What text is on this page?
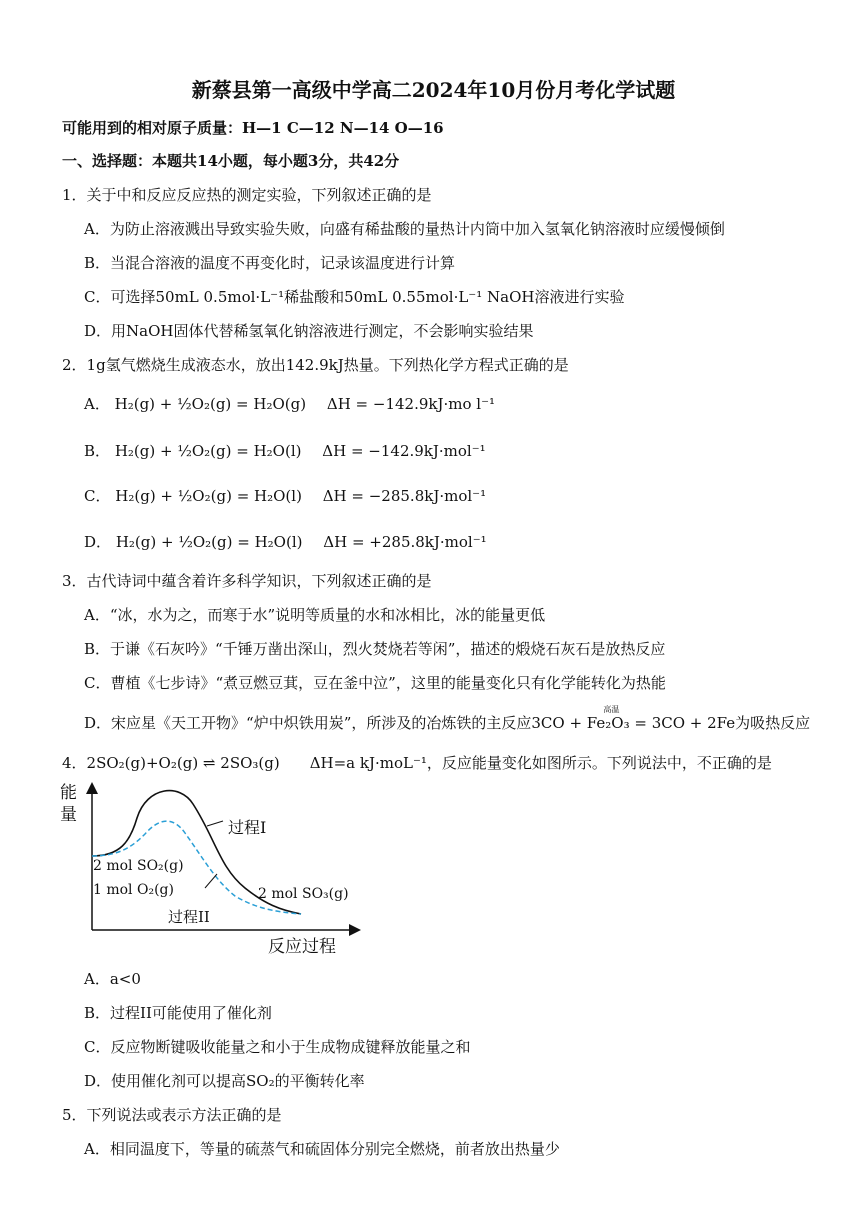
新蔡县第一高级中学高二2024年10月份月考化学试题
可能用到的相对原子质量：H—1 C—12 N—14 O—16
一、选择题：本题共14小题，每小题3分，共42分
1．关于中和反应反应热的测定实验，下列叙述正确的是
A．为防止溶液溅出导致实验失败，向盛有稀盐酸的量热计内筒中加入氢氧化钠溶液时应缓慢倾倒
B．当混合溶液的温度不再变化时，记录该温度进行计算
C．可选择50mL 0.5mol·L⁻¹稀盐酸和50mL 0.55mol·L⁻¹ NaOH溶液进行实验
D．用NaOH固体代替稀氢氧化钠溶液进行测定，不会影响实验结果
2．1g氢气燃烧生成液态水，放出142.9kJ热量。下列热化学方程式正确的是
A． H₂(g) + ½O₂(g) = H₂O(g) ΔH = −142.9kJ·mo l⁻¹
B． H₂(g) + ½O₂(g) = H₂O(l) ΔH = −142.9kJ·mol⁻¹
C． H₂(g) + ½O₂(g) = H₂O(l) ΔH = −285.8kJ·mol⁻¹
D． H₂(g) + ½O₂(g) = H₂O(l) ΔH = +285.8kJ·mol⁻¹
3．古代诗词中蕴含着许多科学知识，下列叙述正确的是
A．“冰，水为之，而寒于水”说明等质量的水和冰相比，冰的能量更低
B．于谦《石灰吟》“千锤万凿出深山，烈火焚烧若等闲”，描述的煅烧石灰石是放热反应
C．曹植《七步诗》“煮豆燃豆萁，豆在釜中泣”，这里的能量变化只有化学能转化为热能
D．宋应星《天工开物》“炉中炽铁用炭”，所涉及的冶炼铁的主反应
高温
3CO + Fe₂O₃ = 3CO + 2Fe为吸热反应
4．2SO₂(g)+O₂(g) ⇌ 2SO₃(g)　　ΔH=a kJ·moL⁻¹，反应能量变化如图所示。下列说法中，不正确的是
能
量
过程I
2 mol SO₂(g)
1 mol O₂(g)	2 mol SO₃(g)
过程II
反应过程
A．a<0
B．过程II可能使用了催化剂
C．反应物断键吸收能量之和小于生成物成键释放能量之和
D．使用催化剂可以提高SO₂的平衡转化率
5．下列说法或表示方法正确的是
A．相同温度下，等量的硫蒸气和硫固体分别完全燃烧，前者放出热量少
